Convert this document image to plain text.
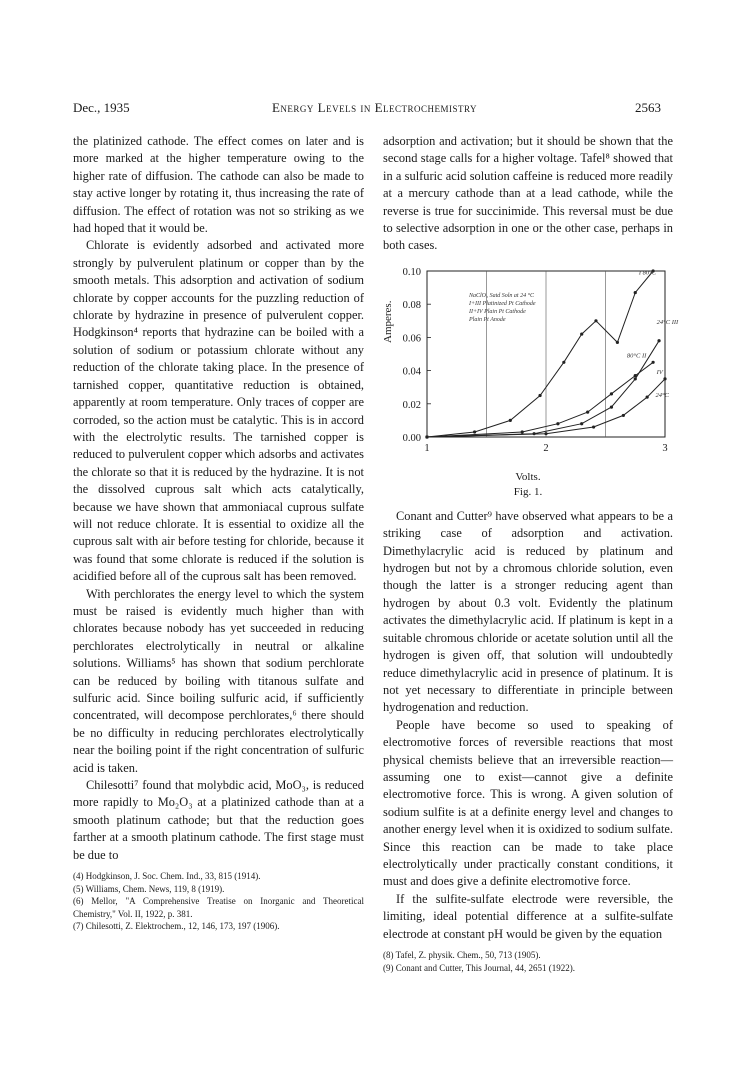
Dec., 1935	Energy Levels in Electrochemistry	2563

the platinized cathode. The effect comes on later and is more marked at the higher temperature owing to the higher rate of diffusion. The cathode can also be made to stay active longer by rotating it, thus increasing the rate of diffusion. The effect of rotation was not so striking as we had hoped that it would be.

Chlorate is evidently adsorbed and activated more strongly by pulverulent platinum or copper than by the smooth metals. This adsorption and activation of sodium chlorate by copper accounts for the puzzling reduction of chlorate by hydrazine in presence of pulverulent copper. Hodgkinson⁴ reports that hydrazine can be boiled with a solution of sodium or potassium chlorate without any reduction of the chlorate taking place. In the presence of tarnished copper, quantitative reduction is obtained, apparently at room temperature. Only traces of copper are corroded, so the action must be catalytic. This is in accord with the electrolytic results. The tarnished copper is reduced to pulverulent copper which adsorbs and activates the chlorate so that it is reduced by the hydrazine. It is not the dissolved cuprous salt which acts catalytically, because we have shown that ammoniacal cuprous sulfate will not reduce chlorate. It is essential to oxidize all the cuprous salt with air before testing for chloride, because it was found that some chlorate is reduced if the solution is acidified before all of the cuprous salt has been removed.

With perchlorates the energy level to which the system must be raised is evidently much higher than with chlorates because nobody has yet succeeded in reducing perchlorates electrolytically in neutral or alkaline solutions. Williams⁵ has shown that sodium perchlorate can be reduced by boiling with titanous sulfate and sulfuric acid. Since boiling sulfuric acid, if sufficiently concentrated, will decompose perchlorates,⁶ there should be no difficulty in reducing perchlorates electrolytically near the boiling point if the right concentration of sulfuric acid is taken.

Chilesotti⁷ found that molybdic acid, MoO₃, is reduced more rapidly to Mo₂O₃ at a platinized cathode than at a smooth platinum cathode; but that the reduction goes farther at a smooth platinum cathode. The first stage must be due to

(4) Hodgkinson, J. Soc. Chem. Ind., 33, 815 (1914).
(5) Williams, Chem. News, 119, 8 (1919).
(6) Mellor, "A Comprehensive Treatise on Inorganic and Theoretical Chemistry," Vol. II, 1922, p. 381.
(7) Chilesotti, Z. Elektrochem., 12, 146, 173, 197 (1906).

adsorption and activation; but it should be shown that the second stage calls for a higher voltage. Tafel⁸ showed that in a sulfuric acid solution caffeine is reduced more readily at a mercury cathode than at a lead cathode, while the reverse is true for succinimide. This reversal must be due to selective adsorption in one or the other case, perhaps in both cases.

Amperes.
0.00
0.02
0.04
0.06
0.08
0.10
1	2	3
NaClO₃ Satd Soln at 24 °C
I+III Platinized Pt Cathode
II+IV Plain Pt Cathode
Plain Pt Anode
I 80°C
24°C III
80°C II
IV
24°C
Volts.
Fig. 1.

Conant and Cutter⁹ have observed what appears to be a striking case of adsorption and activation. Dimethylacrylic acid is reduced by platinum and hydrogen but not by a chromous chloride solution, even though the latter is a stronger reducing agent than hydrogen by about 0.3 volt. Evidently the platinum activates the dimethylacrylic acid. If platinum is kept in a suitable chromous chloride or acetate solution until all the hydrogen is given off, that solution will undoubtedly reduce dimethylacrylic acid in presence of platinum. It is not yet necessary to differentiate in principle between hydrogenation and reduction.

People have become so used to speaking of electromotive forces of reversible reactions that most physical chemists believe that an irreversible reaction—assuming one to exist—cannot give a definite electromotive force. This is wrong. A given solution of sodium sulfite is at a definite energy level and changes to another energy level when it is oxidized to sodium sulfate. Since this reaction can be made to take place electrolytically under practically constant conditions, it must and does give a definite electromotive force.

If the sulfite-sulfate electrode were reversible, the limiting, ideal potential difference at a sulfite-sulfate electrode at constant pH would be given by the equation

(8) Tafel, Z. physik. Chem., 50, 713 (1905).
(9) Conant and Cutter, This Journal, 44, 2651 (1922).
